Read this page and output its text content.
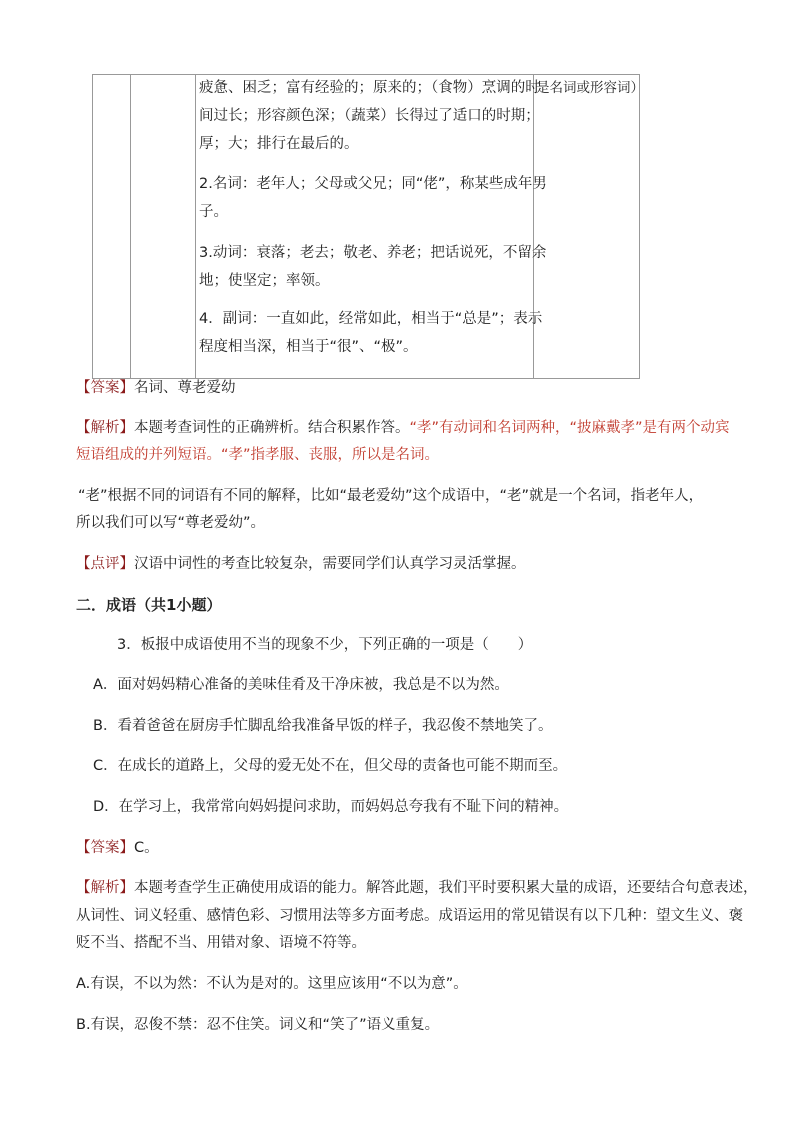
疲惫、困乏；富有经验的；原来的；（食物）烹调的时
间过长；形容颜色深；（蔬菜）长得过了适口的时期；
厚；大；排行在最后的。
2.名词：老年人；父母或父兄；同“佬”，称某些成年男
子。
3.动词：衰落；老去；敬老、养老；把话说死，不留余
地；使坚定；率领。
4．副词：一直如此，经常如此，相当于“总是”；表示
程度相当深，相当于“很”、“极”。
是名词或形容词）
【答案】名词、尊老爱幼
【解析】本题考查词性的正确辨析。结合积累作答。“孝”有动词和名词两种，“披麻戴孝”是有两个动宾
短语组成的并列短语。“孝”指孝服、丧服，所以是名词。
“老”根据不同的词语有不同的解释，比如“最老爱幼”这个成语中，“老”就是一个名词，指老年人，
所以我们可以写“尊老爱幼”。
【点评】汉语中词性的考查比较复杂，需要同学们认真学习灵活掌握。
二．成语（共1小题）
3．板报中成语使用不当的现象不少，下列正确的一项是（　　）
A．面对妈妈精心准备的美味佳肴及干净床被，我总是不以为然。
B．看着爸爸在厨房手忙脚乱给我准备早饭的样子，我忍俊不禁地笑了。
C．在成长的道路上，父母的爱无处不在，但父母的责备也可能不期而至。
D．在学习上，我常常向妈妈提问求助，而妈妈总夸我有不耻下问的精神。
【答案】C。
【解析】本题考查学生正确使用成语的能力。解答此题，我们平时要积累大量的成语，还要结合句意表述，
从词性、词义轻重、感情色彩、习惯用法等多方面考虑。成语运用的常见错误有以下几种：望文生义、褒
贬不当、搭配不当、用错对象、语境不符等。
A.有误，不以为然：不认为是对的。这里应该用“不以为意”。
B.有误，忍俊不禁：忍不住笑。词义和“笑了”语义重复。
